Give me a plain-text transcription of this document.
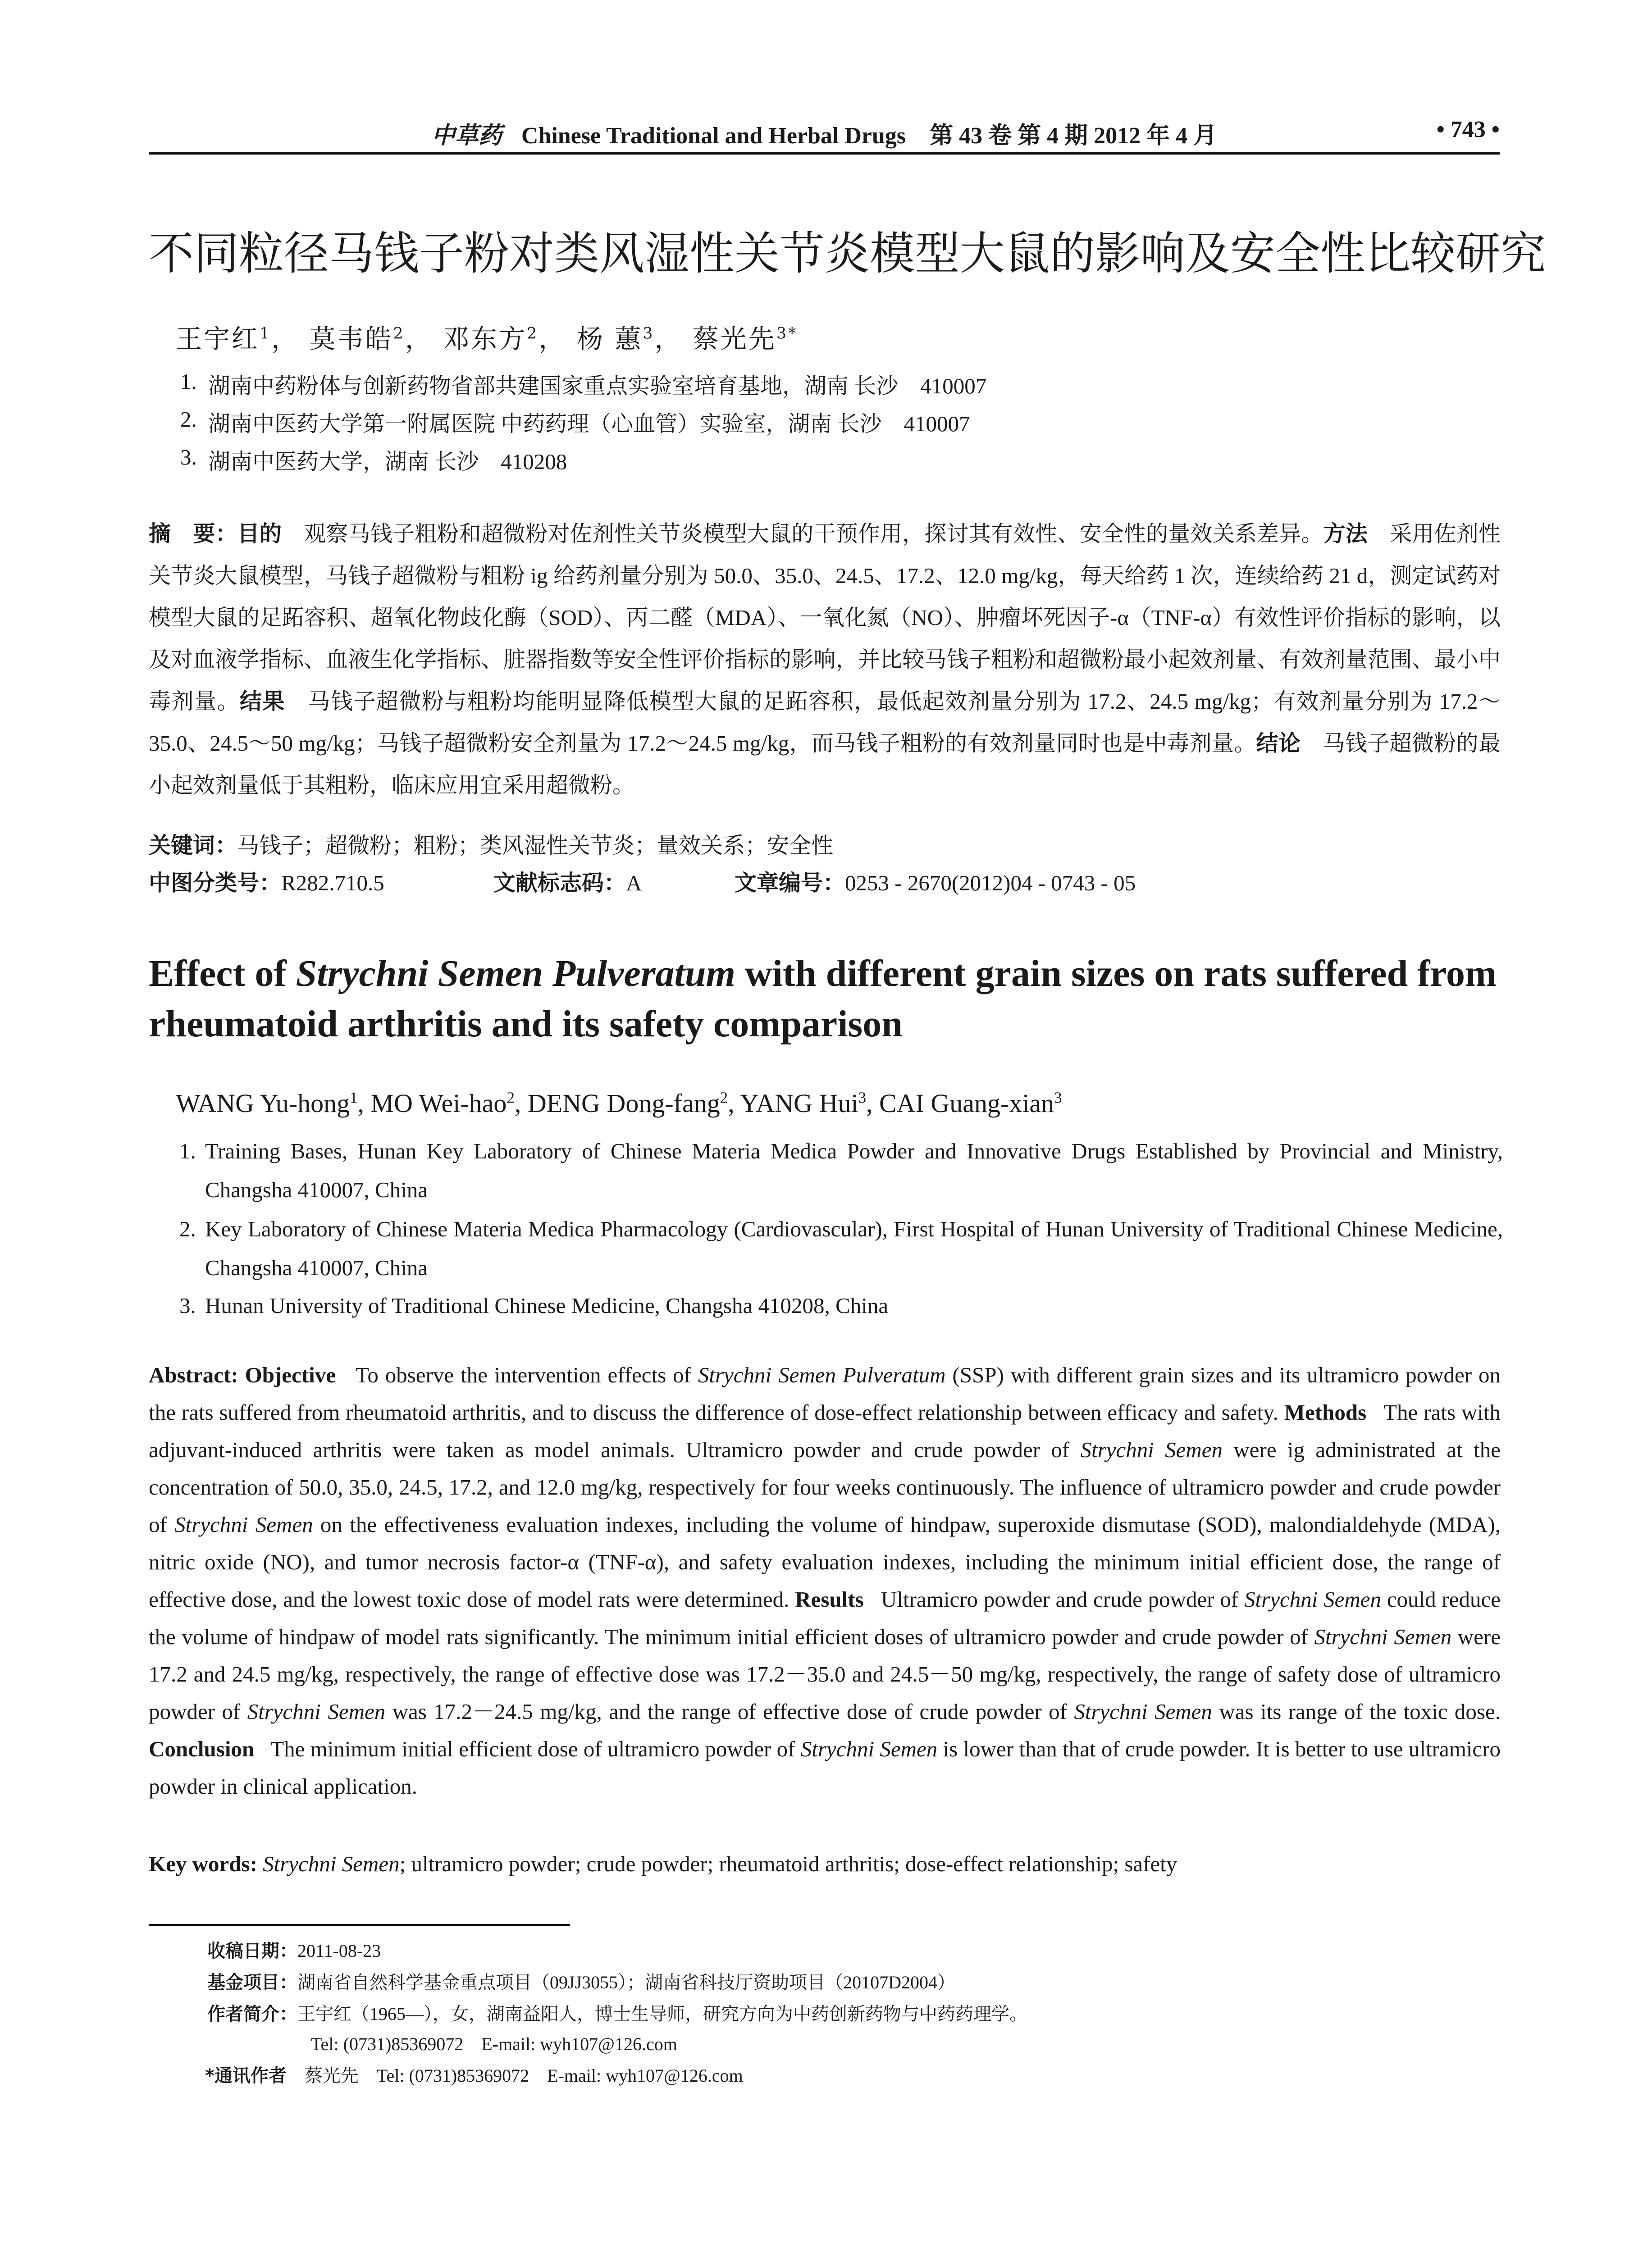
中草药 Chinese Traditional and Herbal Drugs 第 43 卷 第 4 期 2012 年 4 月	• 743 •
不同粒径马钱子粉对类风湿性关节炎模型大鼠的影响及安全性比较研究
王宇红$^1$， 莫韦皓$^2$， 邓东方$^2$， 杨 蕙$^3$， 蔡光先$^{3*}$
1. 湖南中药粉体与创新药物省部共建国家重点实验室培育基地，湖南 长沙　410007
2. 湖南中医药大学第一附属医院 中药药理（心血管）实验室，湖南 长沙　410007
3. 湖南中医药大学，湖南 长沙　410208
摘　要：目的　 观察马钱子粗粉和超微粉对佐剂性关节炎模型大鼠的干预作用，探讨其有效性、安全性的量效关系差异。方法　 采用佐剂性关节炎大鼠模型，马钱子超微粉与粗粉 ig 给药剂量分别为 50.0、35.0、24.5、17.2、12.0 mg/kg，每天给药 1 次，连续给药 21 d，测定试药对模型大鼠的足跖容积、超氧化物歧化酶（SOD）、丙二醛（MDA）、一氧化氮（NO）、肿瘤坏死因子-α（TNF-α）有效性评价指标的影响，以及对血液学指标、血液生化学指标、脏器指数等安全性评价指标的影响，并比较马钱子粗粉和超微粉最小起效剂量、有效剂量范围、最小中毒剂量。结果　 马钱子超微粉与粗粉均能明显降低模型大鼠的足跖容积，最低起效剂量分别为 17.2、24.5 mg/kg；有效剂量分别为 17.2～35.0、24.5～50 mg/kg；马钱子超微粉安全剂量为 17.2～24.5 mg/kg，而马钱子粗粉的有效剂量同时也是中毒剂量。结论　 马钱子超微粉的最小起效剂量低于其粗粉，临床应用宜采用超微粉。
关键词：马钱子；超微粉；粗粉；类风湿性关节炎；量效关系；安全性
中图分类号：R282.710.5	文献标志码：A	文章编号：0253 - 2670(2012)04 - 0743 - 05
Effect of Strychni Semen Pulveratum with different grain sizes on rats suffered from rheumatoid arthritis and its safety comparison
WANG Yu-hong$^1$, MO Wei-hao$^2$, DENG Dong-fang$^2$, YANG Hui$^3$, CAI Guang-xian$^3$
1. Training Bases, Hunan Key Laboratory of Chinese Materia Medica Powder and Innovative Drugs Established by Provincial and Ministry, Changsha 410007, China
2. Key Laboratory of Chinese Materia Medica Pharmacology (Cardiovascular), First Hospital of Hunan University of Traditional Chinese Medicine, Changsha 410007, China
3. Hunan University of Traditional Chinese Medicine, Changsha 410208, China
Abstract: Objective To observe the intervention effects of Strychni Semen Pulveratum (SSP) with different grain sizes and its ultramicro powder on the rats suffered from rheumatoid arthritis, and to discuss the difference of dose-effect relationship between efficacy and safety. Methods The rats with adjuvant-induced arthritis were taken as model animals. Ultramicro powder and crude powder of Strychni Semen were ig administrated at the concentration of 50.0, 35.0, 24.5, 17.2, and 12.0 mg/kg, respectively for four weeks continuously. The influence of ultramicro powder and crude powder of Strychni Semen on the effectiveness evaluation indexes, including the volume of hindpaw, superoxide dismutase (SOD), malondialdehyde (MDA), nitric oxide (NO), and tumor necrosis factor-α (TNF-α), and safety evaluation indexes, including the minimum initial efficient dose, the range of effective dose, and the lowest toxic dose of model rats were determined. Results Ultramicro powder and crude powder of Strychni Semen could reduce the volume of hindpaw of model rats significantly. The minimum initial efficient doses of ultramicro powder and crude powder of Strychni Semen were 17.2 and 24.5 mg/kg, respectively, the range of effective dose was 17.2－35.0 and 24.5－50 mg/kg, respectively, the range of safety dose of ultramicro powder of Strychni Semen was 17.2－24.5 mg/kg, and the range of effective dose of crude powder of Strychni Semen was its range of the toxic dose. Conclusion The minimum initial efficient dose of ultramicro powder of Strychni Semen is lower than that of crude powder. It is better to use ultramicro powder in clinical application.
Key words: Strychni Semen; ultramicro powder; crude powder; rheumatoid arthritis; dose-effect relationship; safety
收稿日期：2011-08-23
基金项目：湖南省自然科学基金重点项目（09JJ3055）；湖南省科技厅资助项目（20107D2004）
作者简介：王宇红（1965—），女，湖南益阳人，博士生导师，研究方向为中药创新药物与中药药理学。
Tel: (0731)85369072　E-mail: wyh107@126.com
*通讯作者　 蔡光先　Tel: (0731)85369072　E-mail: wyh107@126.com
